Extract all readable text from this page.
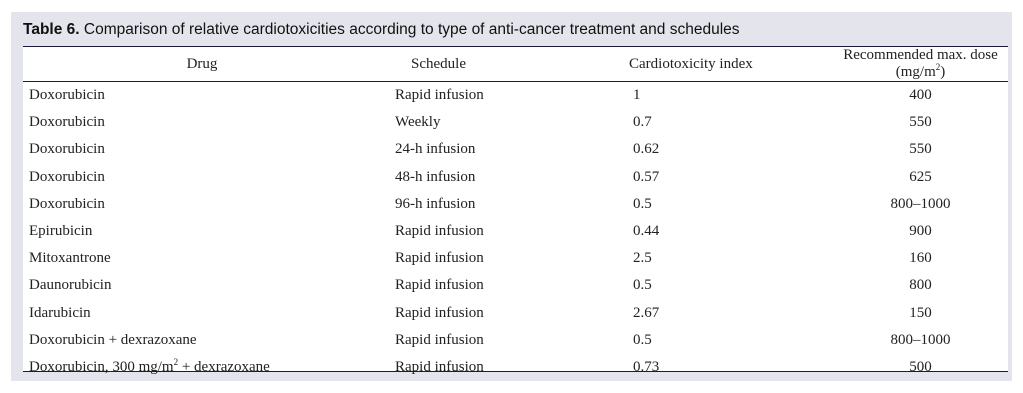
Table 6. Comparison of relative cardiotoxicities according to type of anti-cancer treatment and schedules
Drug	Schedule	Cardiotoxicity index	Recommended max. dose $(mg/m^2)$
Doxorubicin	Rapid infusion	1	400
Doxorubicin	Weekly	0.7	550
Doxorubicin	24-h infusion	0.62	550
Doxorubicin	48-h infusion	0.57	625
Doxorubicin	96-h infusion	0.5	800–1000
Epirubicin	Rapid infusion	0.44	900
Mitoxantrone	Rapid infusion	2.5	160
Daunorubicin	Rapid infusion	0.5	800
Idarubicin	Rapid infusion	2.67	150
Doxorubicin + dexrazoxane	Rapid infusion	0.5	800–1000
Doxorubicin, 300 $mg/m^2$ + dexrazoxane	Rapid infusion	0.73	500
